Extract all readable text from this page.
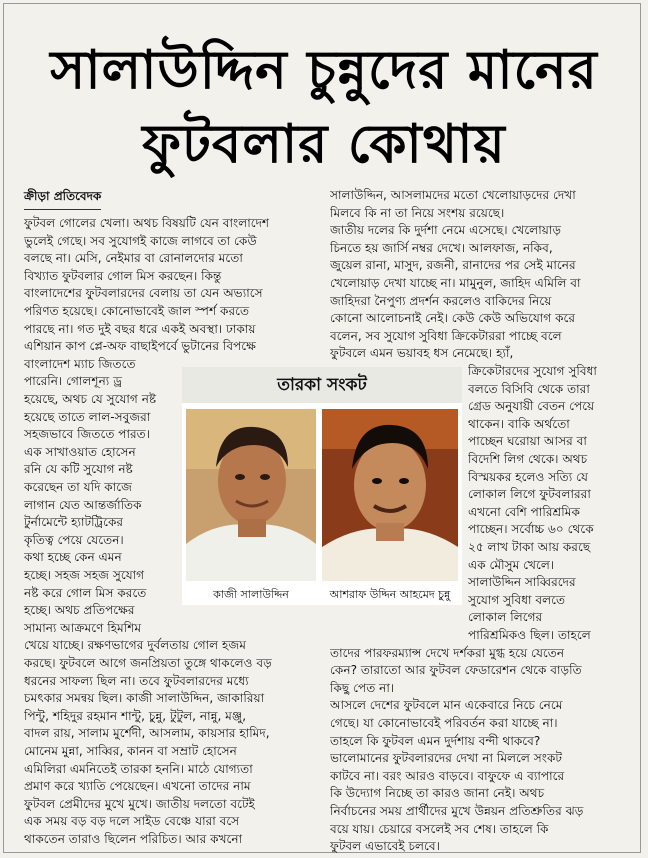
সালাউদ্দিন চুন্নুদের মানের
ফুটবলার কোথায়
ক্রীড়া প্রতিবেদক
ফুটবল গোলের খেলা। অথচ বিষয়টি যেন বাংলাদেশ
ভুলেই গেছে। সব সুযোগই কাজে লাগবে তা কেউ
বলছে না। মেসি, নেইমার বা রোনালদোর মতো
বিখ্যাত ফুটবলার গোল মিস করছেন। কিন্তু
বাংলাদেশের ফুটবলারদের বেলায় তা যেন অভ্যাসে
পরিণত হয়েছে। কোনোভাবেই জাল স্পর্শ করতে
পারছে না। গত দুই বছর ধরে একই অবস্থা। ঢাকায়
এশিয়ান কাপ প্লে-অফ বাছাইপর্বে ভুটানের বিপক্ষে
বাংলাদেশ ম্যাচ জিততে
পারেনি। গোলশূন্য ড্র
হয়েছে, অথচ যে সুযোগ নষ্ট
হয়েছে তাতে লাল-সবুজরা
সহজভাবে জিততে পারত।
এক সাখাওয়াত হোসেন
রনি যে কটি সুযোগ নষ্ট
করেছেন তা যদি কাজে
লাগান যেত আন্তর্জাতিক
টুর্নামেন্টে হ্যাটট্রিকের
কৃতিত্ব পেয়ে যেতেন।
কথা হচ্ছে কেন এমন
হচ্ছে। সহজ সহজ সুযোগ
নষ্ট করে গোল মিস করতে
হচ্ছে। অথচ প্রতিপক্ষের
সামান্য আক্রমণে হিমশিম
খেয়ে যাচ্ছে। রক্ষণভাগের দুর্বলতায় গোল হজম
করছে। ফুটবলে আগে জনপ্রিয়তা তুঙ্গে থাকলেও বড়
ধরনের সাফল্য ছিল না। তবে ফুটবলারদের মধ্যে
চমৎকার সমন্বয় ছিল। কাজী সালাউদ্দিন, জাকারিয়া
পিন্টু, শহিদুর রহমান শান্টু, চুন্নু, টুটুল, নান্নু, মঞ্জু,
বাদল রায়, সালাম মুর্শেদী, আসলাম, কায়সার হামিদ,
মোনেম মুন্না, সাব্বির, কানন বা সম্রাট হোসেন
এমিলিরা এমনিতেই তারকা হননি। মাঠে যোগ্যতা
প্রমাণ করে খ্যাতি পেয়েছেন। এখনো তাদের নাম
ফুটবল প্রেমীদের মুখে মুখে। জাতীয় দলতো বটেই
এক সময় বড় বড় দলে সাইড বেঞ্চে যারা বসে
থাকতেন তারাও ছিলেন পরিচিত। আর কখনো
সালাউদ্দিন, আসলামদের মতো খেলোয়াড়দের দেখা
মিলবে কি না তা নিয়ে সংশয় রয়েছে।
জাতীয় দলের কি দুর্দশা নেমে এসেছে। খেলোয়াড়
চিনতে হয় জার্সি নম্বর দেখে। আলফাজ, নকিব,
জুয়েল রানা, মাসুদ, রজনী, রানাদের পর সেই মানের
খেলোয়াড় দেখা যাচ্ছে না। মামুনুল, জাহিদ এমিলি বা
জাহিদরা নৈপুণ্য প্রদর্শন করলেও বাকিদের নিয়ে
কোনো আলোচনাই নেই। কেউ কেউ অভিযোগ করে
বলেন, সব সুযোগ সুবিধা ক্রিকেটাররা পাচ্ছে বলে
ফুটবলে এমন ভয়াবহ ধস নেমেছে। হ্যাঁ,
ক্রিকেটারদের সুযোগ সুবিধা
বলতে বিসিবি থেকে তারা
গ্রেড অনুযায়ী বেতন পেয়ে
থাকেন। বাকি অর্থতো
পাচ্ছেন ঘরোয়া আসর বা
বিদেশি লিগ থেকে। অথচ
বিস্ময়কর হলেও সত্যি যে
লোকাল লিগে ফুটবলাররা
এখনো বেশি পারিশ্রমিক
পাচ্ছেন। সর্বোচ্চ ৬০ থেকে
২৫ লাখ টাকা আয় করছে
এক মৌসুম খেলে।
সালাউদ্দিন সাব্বিরদের
সুযোগ সুবিধা বলতে
লোকাল লিগের
পারিশ্রমিকও ছিল। তাহলে
তাদের পারফরম্যান্স দেখে দর্শকরা মুগ্ধ হয়ে যেতেন
কেন? তারাতো আর ফুটবল ফেডারেশন থেকে বাড়তি
কিছু পেত না।
আসলে দেশের ফুটবলে মান একেবারে নিচে নেমে
গেছে। যা কোনোভাবেই পরিবর্তন করা যাচ্ছে না।
তাহলে কি ফুটবল এমন দুর্দশায় বন্দী থাকবে?
ভালোমানের ফুটবলারদের দেখা না মিললে সংকট
কাটবে না। বরং আরও বাড়বে। বাফুফে এ ব্যাপারে
কি উদ্যোগ নিচ্ছে তা কারও জানা নেই। অথচ
নির্বাচনের সময় প্রার্থীদের মুখে উন্নয়ন প্রতিশ্রুতির ঝড়
বয়ে যায়। চেয়ারে বসলেই সব শেষ। তাহলে কি
ফুটবল এভাবেই চলবে।
তারকা সংকট
কাজী সালাউদ্দিন	আশরাফ উদ্দিন আহমেদ চুন্নু
